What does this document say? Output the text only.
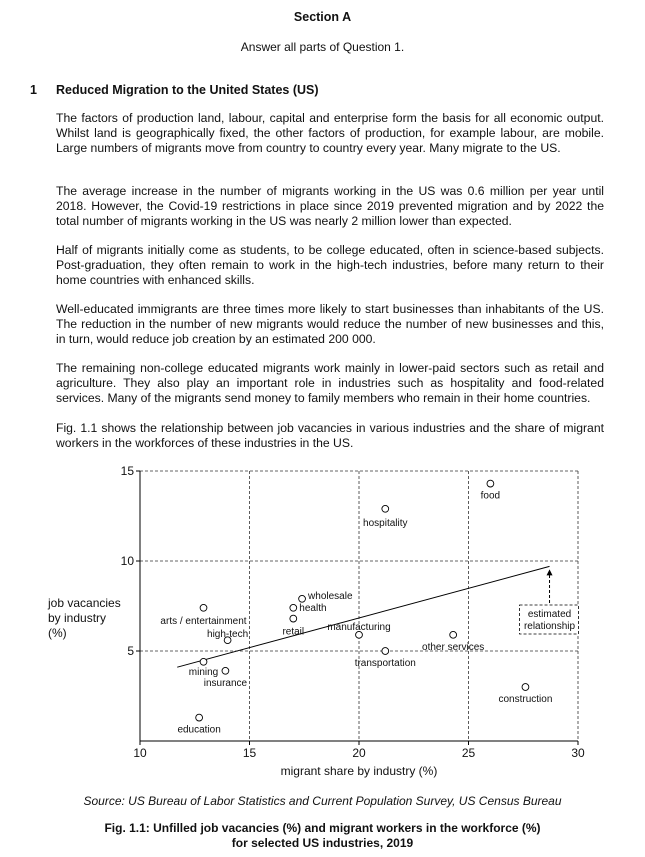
Section A
Answer all parts of Question 1.
1 Reduced Migration to the United States (US)
The factors of production land, labour, capital and enterprise form the basis for all economic output. Whilst land is geographically fixed, the other factors of production, for example labour, are mobile. Large numbers of migrants move from country to country every year. Many migrate to the US.
The average increase in the number of migrants working in the US was 0.6 million per year until 2018. However, the Covid-19 restrictions in place since 2019 prevented migration and by 2022 the total number of migrants working in the US was nearly 2 million lower than expected.
Half of migrants initially come as students, to be college educated, often in science-based subjects. Post-graduation, they often remain to work in the high-tech industries, before many return to their home countries with enhanced skills.
Well-educated immigrants are three times more likely to start businesses than inhabitants of the US. The reduction in the number of new migrants would reduce the number of new businesses and this, in turn, would reduce job creation by an estimated 200 000.
The remaining non-college educated migrants work mainly in lower-paid sectors such as retail and agriculture. They also play an important role in industries such as hospitality and food-related services. Many of the migrants send money to family members who remain in their home countries.
Fig. 1.1 shows the relationship between job vacancies in various industries and the share of migrant workers in the workforces of these industries in the US.
10	15	20	25	30
5
10
15
migrant share by industry (%)
job vacancies
by industry
(%)
food
hospitality
wholesale
health
retail
arts / entertainment
high-tech
manufacturing
other services
transportation
mining
insurance
construction
education
estimated
relationship
Source: US Bureau of Labor Statistics and Current Population Survey, US Census Bureau
Fig. 1.1: Unfilled job vacancies (%) and migrant workers in the workforce (%)
for selected US industries, 2019
